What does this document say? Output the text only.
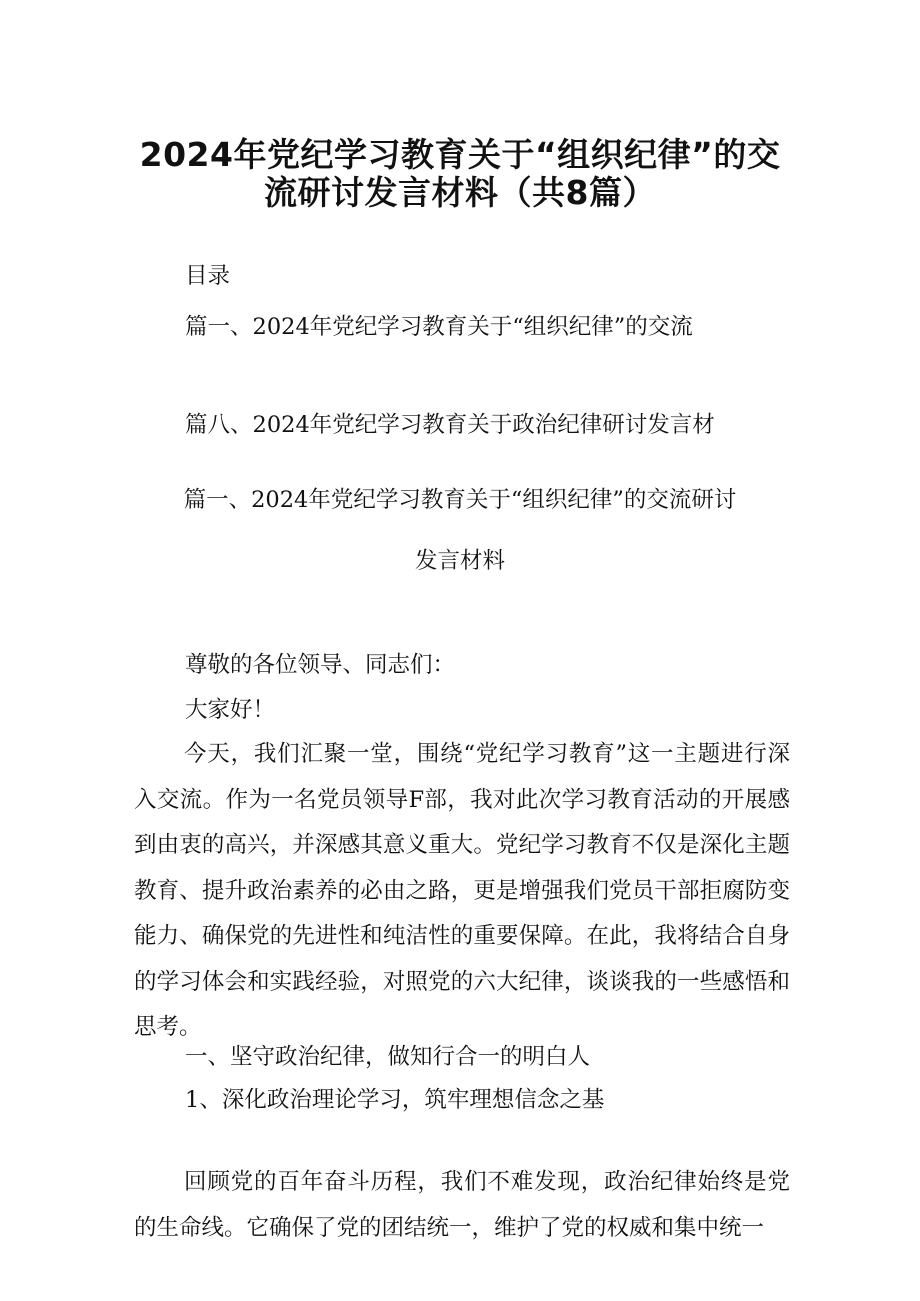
2024年党纪学习教育关于“组织纪律”的交
流研讨发言材料（共8篇）
目录
篇一、2024年党纪学习教育关于“组织纪律”的交流
篇八、2024年党纪学习教育关于政治纪律研讨发言材
篇一、2024年党纪学习教育关于“组织纪律”的交流研讨
发言材料
尊敬的各位领导、同志们：
大家好！
今天，我们汇聚一堂，围绕“党纪学习教育”这一主题进行深入交流。作为一名党员领导F部，我对此次学习教育活动的开展感到由衷的高兴，并深感其意义重大。党纪学习教育不仅是深化主题教育、提升政治素养的必由之路，更是增强我们党员干部拒腐防变能力、确保党的先进性和纯洁性的重要保障。在此，我将结合自身的学习体会和实践经验，对照党的六大纪律，谈谈我的一些感悟和思考。
一、坚守政治纪律，做知行合一的明白人
1、深化政治理论学习，筑牢理想信念之基
回顾党的百年奋斗历程，我们不难发现，政治纪律始终是党的生命线。它确保了党的团结统一，维护了党的权威和集中统一
